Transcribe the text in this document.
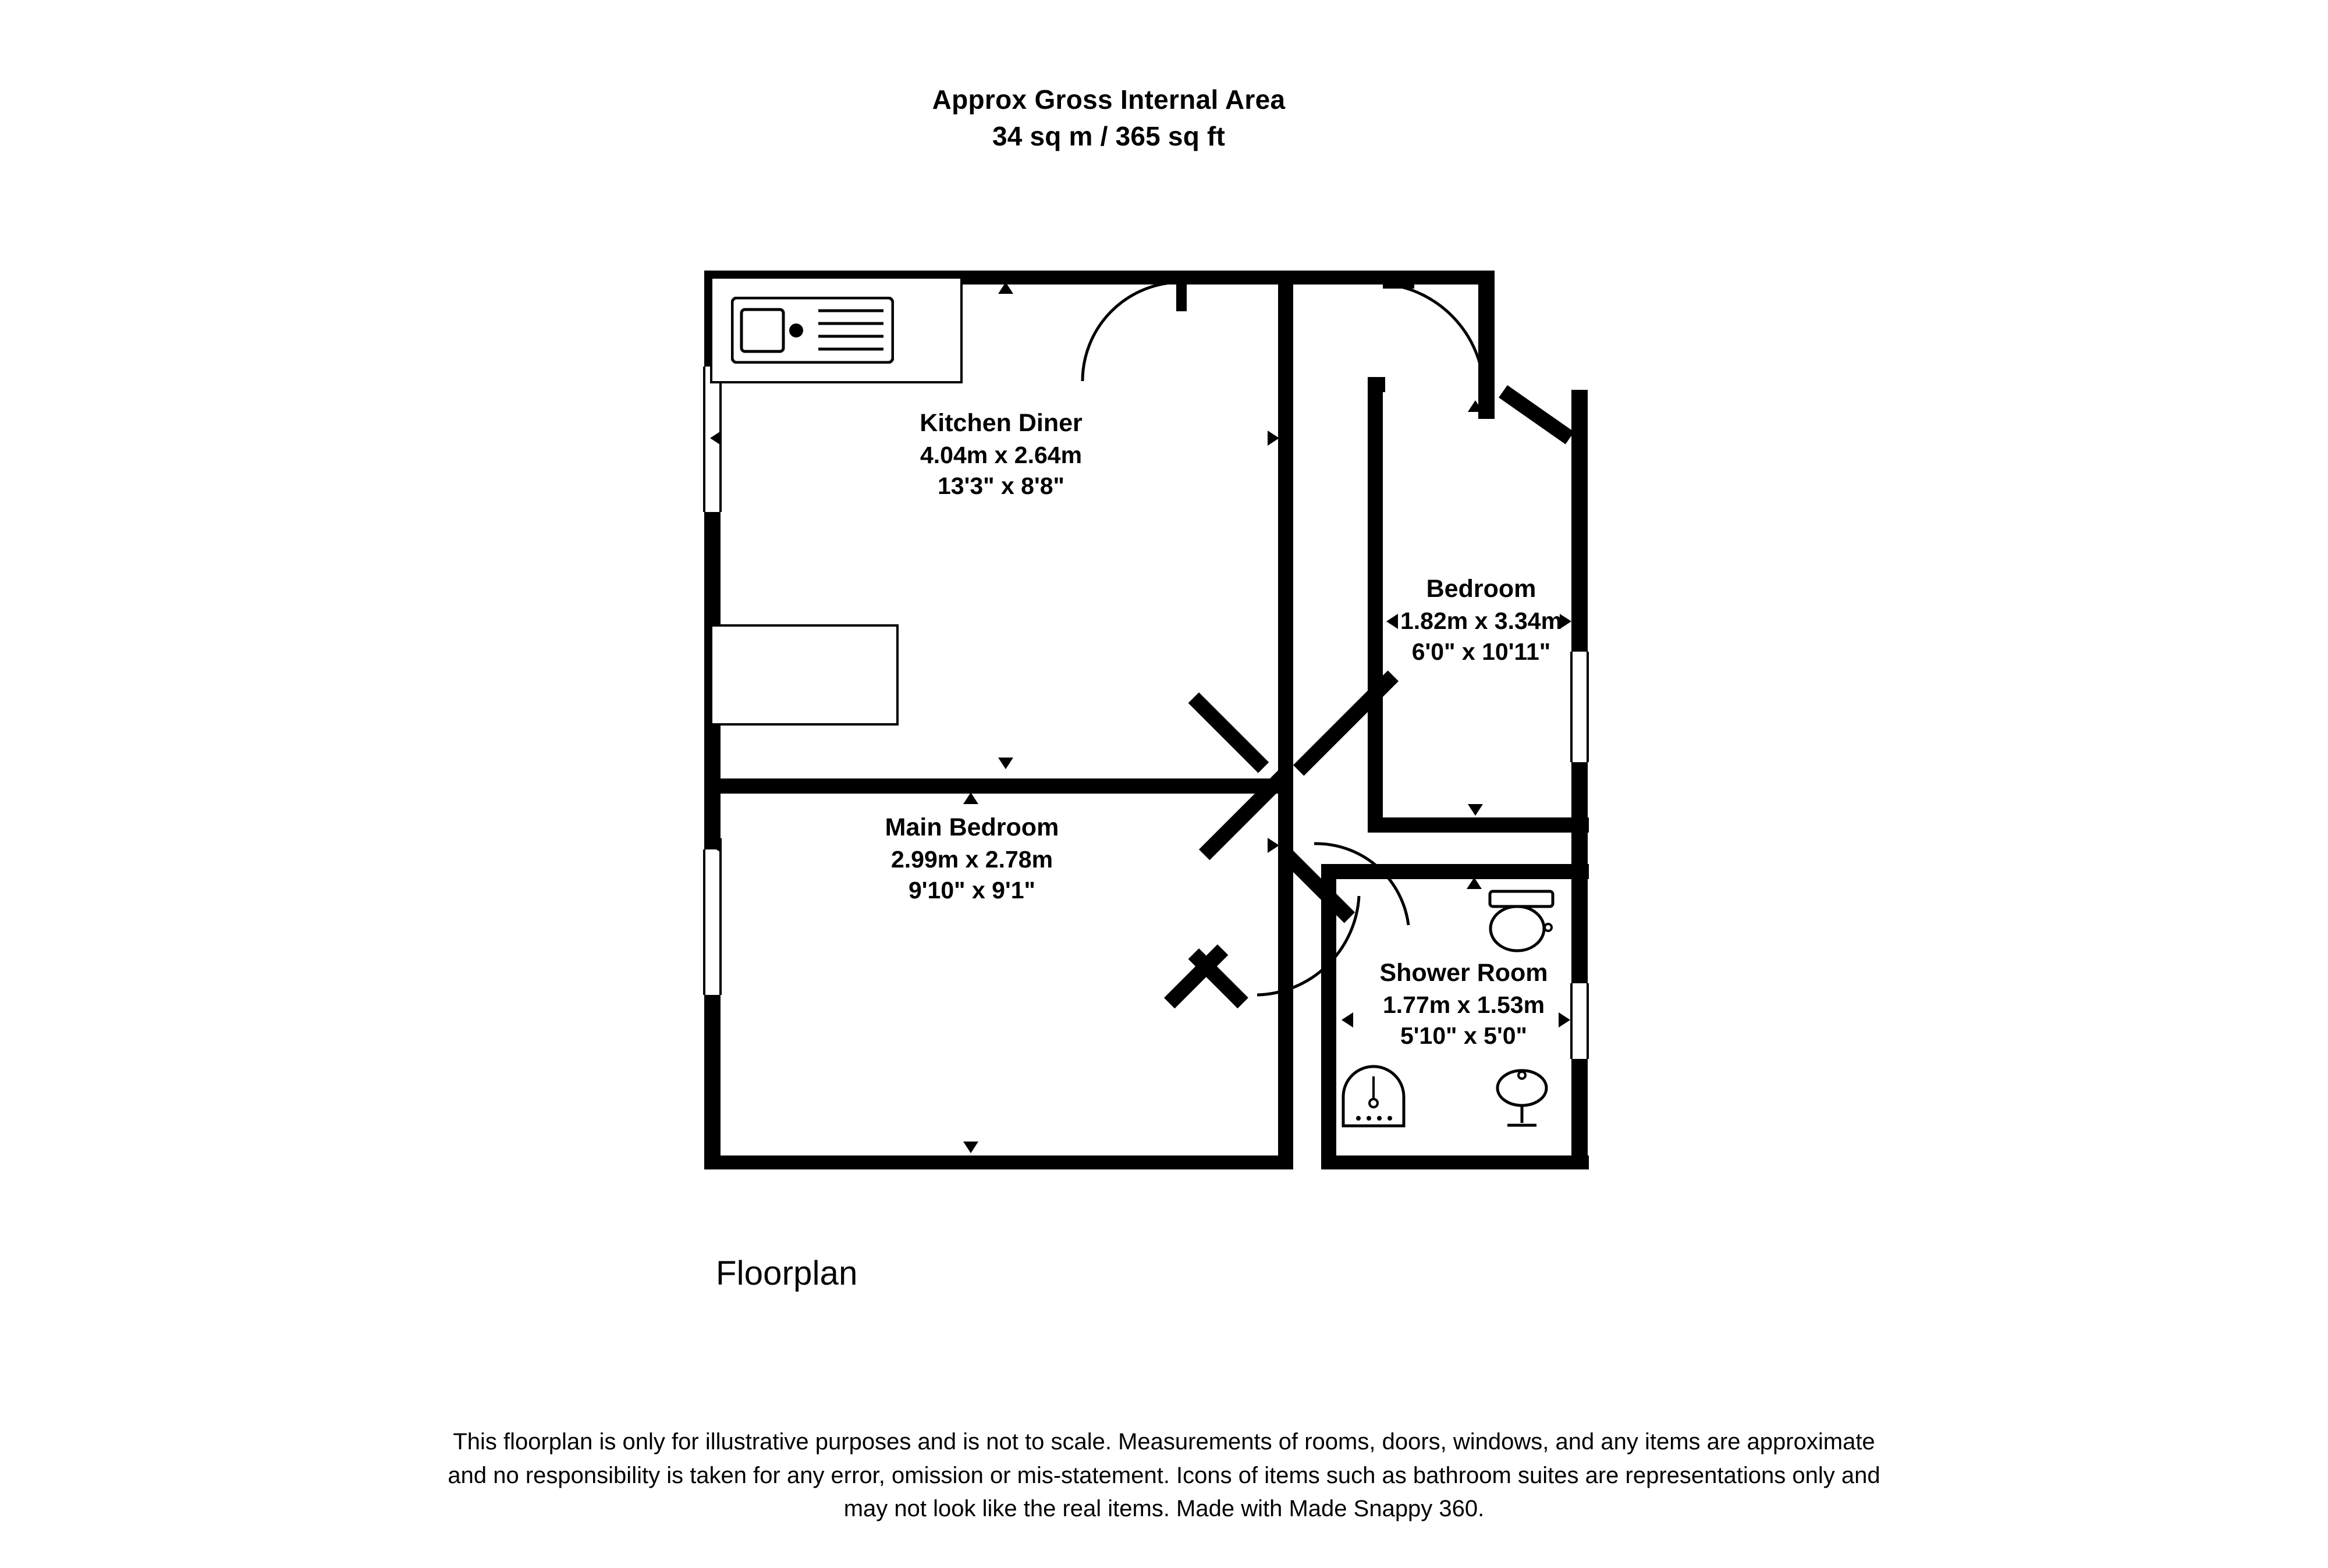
Approx Gross Internal Area
34 sq m / 365 sq ft
Kitchen Diner
4.04m x 2.64m
13'3" x 8'8"
Bedroom
1.82m x 3.34m
6'0" x 10'11"
Main Bedroom
2.99m x 2.78m
9'10" x 9'1"
Shower Room
1.77m x 1.53m
5'10" x 5'0"
Floorplan
This floorplan is only for illustrative purposes and is not to scale. Measurements of rooms, doors, windows, and any items are approximate
and no responsibility is taken for any error, omission or mis-statement. Icons of items such as bathroom suites are representations only and
may not look like the real items. Made with Made Snappy 360.
